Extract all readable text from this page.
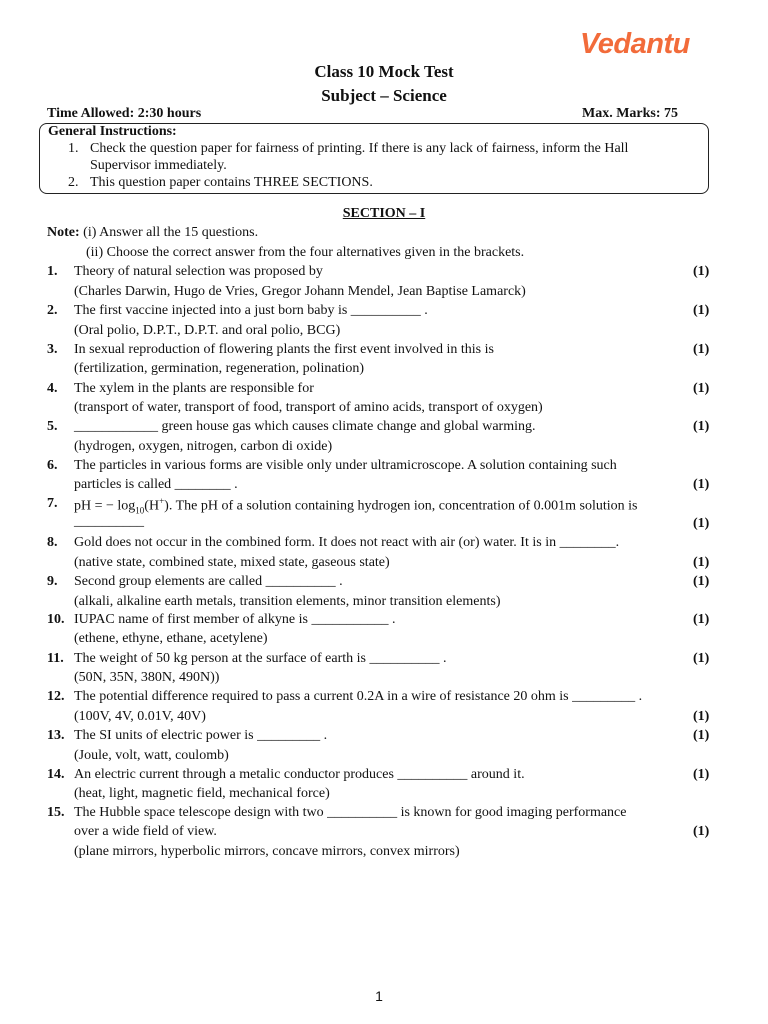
Vedantu
Class 10 Mock Test
Subject – Science
Time Allowed: 2:30 hours	Max. Marks: 75
General Instructions:
1. Check the question paper for fairness of printing. If there is any lack of fairness, inform the Hall
Supervisor immediately.
2. This question paper contains THREE SECTIONS.
SECTION – I
Note: (i) Answer all the 15 questions.
(ii) Choose the correct answer from the four alternatives given in the brackets.
1. Theory of natural selection was proposed by
(Charles Darwin, Hugo de Vries, Gregor Johann Mendel, Jean Baptise Lamarck)
(1)
2. The first vaccine injected into a just born baby is __________ .
(Oral polio, D.P.T., D.P.T. and oral polio, BCG)
(1)
3. In sexual reproduction of flowering plants the first event involved in this is
(fertilization, germination, regeneration, polination)
(1)
4. The xylem in the plants are responsible for
(transport of water, transport of food, transport of amino acids, transport of oxygen)
(1)
5. ____________ green house gas which causes climate change and global warming.
(hydrogen, oxygen, nitrogen, carbon di oxide)
(1)
6. The particles in various forms are visible only under ultramicroscope. A solution containing such
particles is called ________ .	(1)
7. pH = − $\log_{10}(H^+)$. The pH of a solution containing hydrogen ion, concentration of 0.001m solution is
__________	(1)
8. Gold does not occur in the combined form. It does not react with air (or) water. It is in ________.
(native state, combined state, mixed state, gaseous state)	(1)
9. Second group elements are called __________ .
(alkali, alkaline earth metals, transition elements, minor transition elements)
(1)
10. IUPAC name of first member of alkyne is ___________ .
(ethene, ethyne, ethane, acetylene)
(1)
11. The weight of 50 kg person at the surface of earth is __________ .
(50N, 35N, 380N, 490N))
(1)
12. The potential difference required to pass a current 0.2A in a wire of resistance 20 ohm is _________ .
(100V, 4V, 0.01V, 40V)	(1)
13. The SI units of electric power is _________ .
(Joule, volt, watt, coulomb)
(1)
14. An electric current through a metalic conductor produces __________ around it.
(heat, light, magnetic field, mechanical force)
(1)
15. The Hubble space telescope design with two __________ is known for good imaging performance
over a wide field of view.
(plane mirrors, hyperbolic mirrors, concave mirrors, convex mirrors)
(1)
1
